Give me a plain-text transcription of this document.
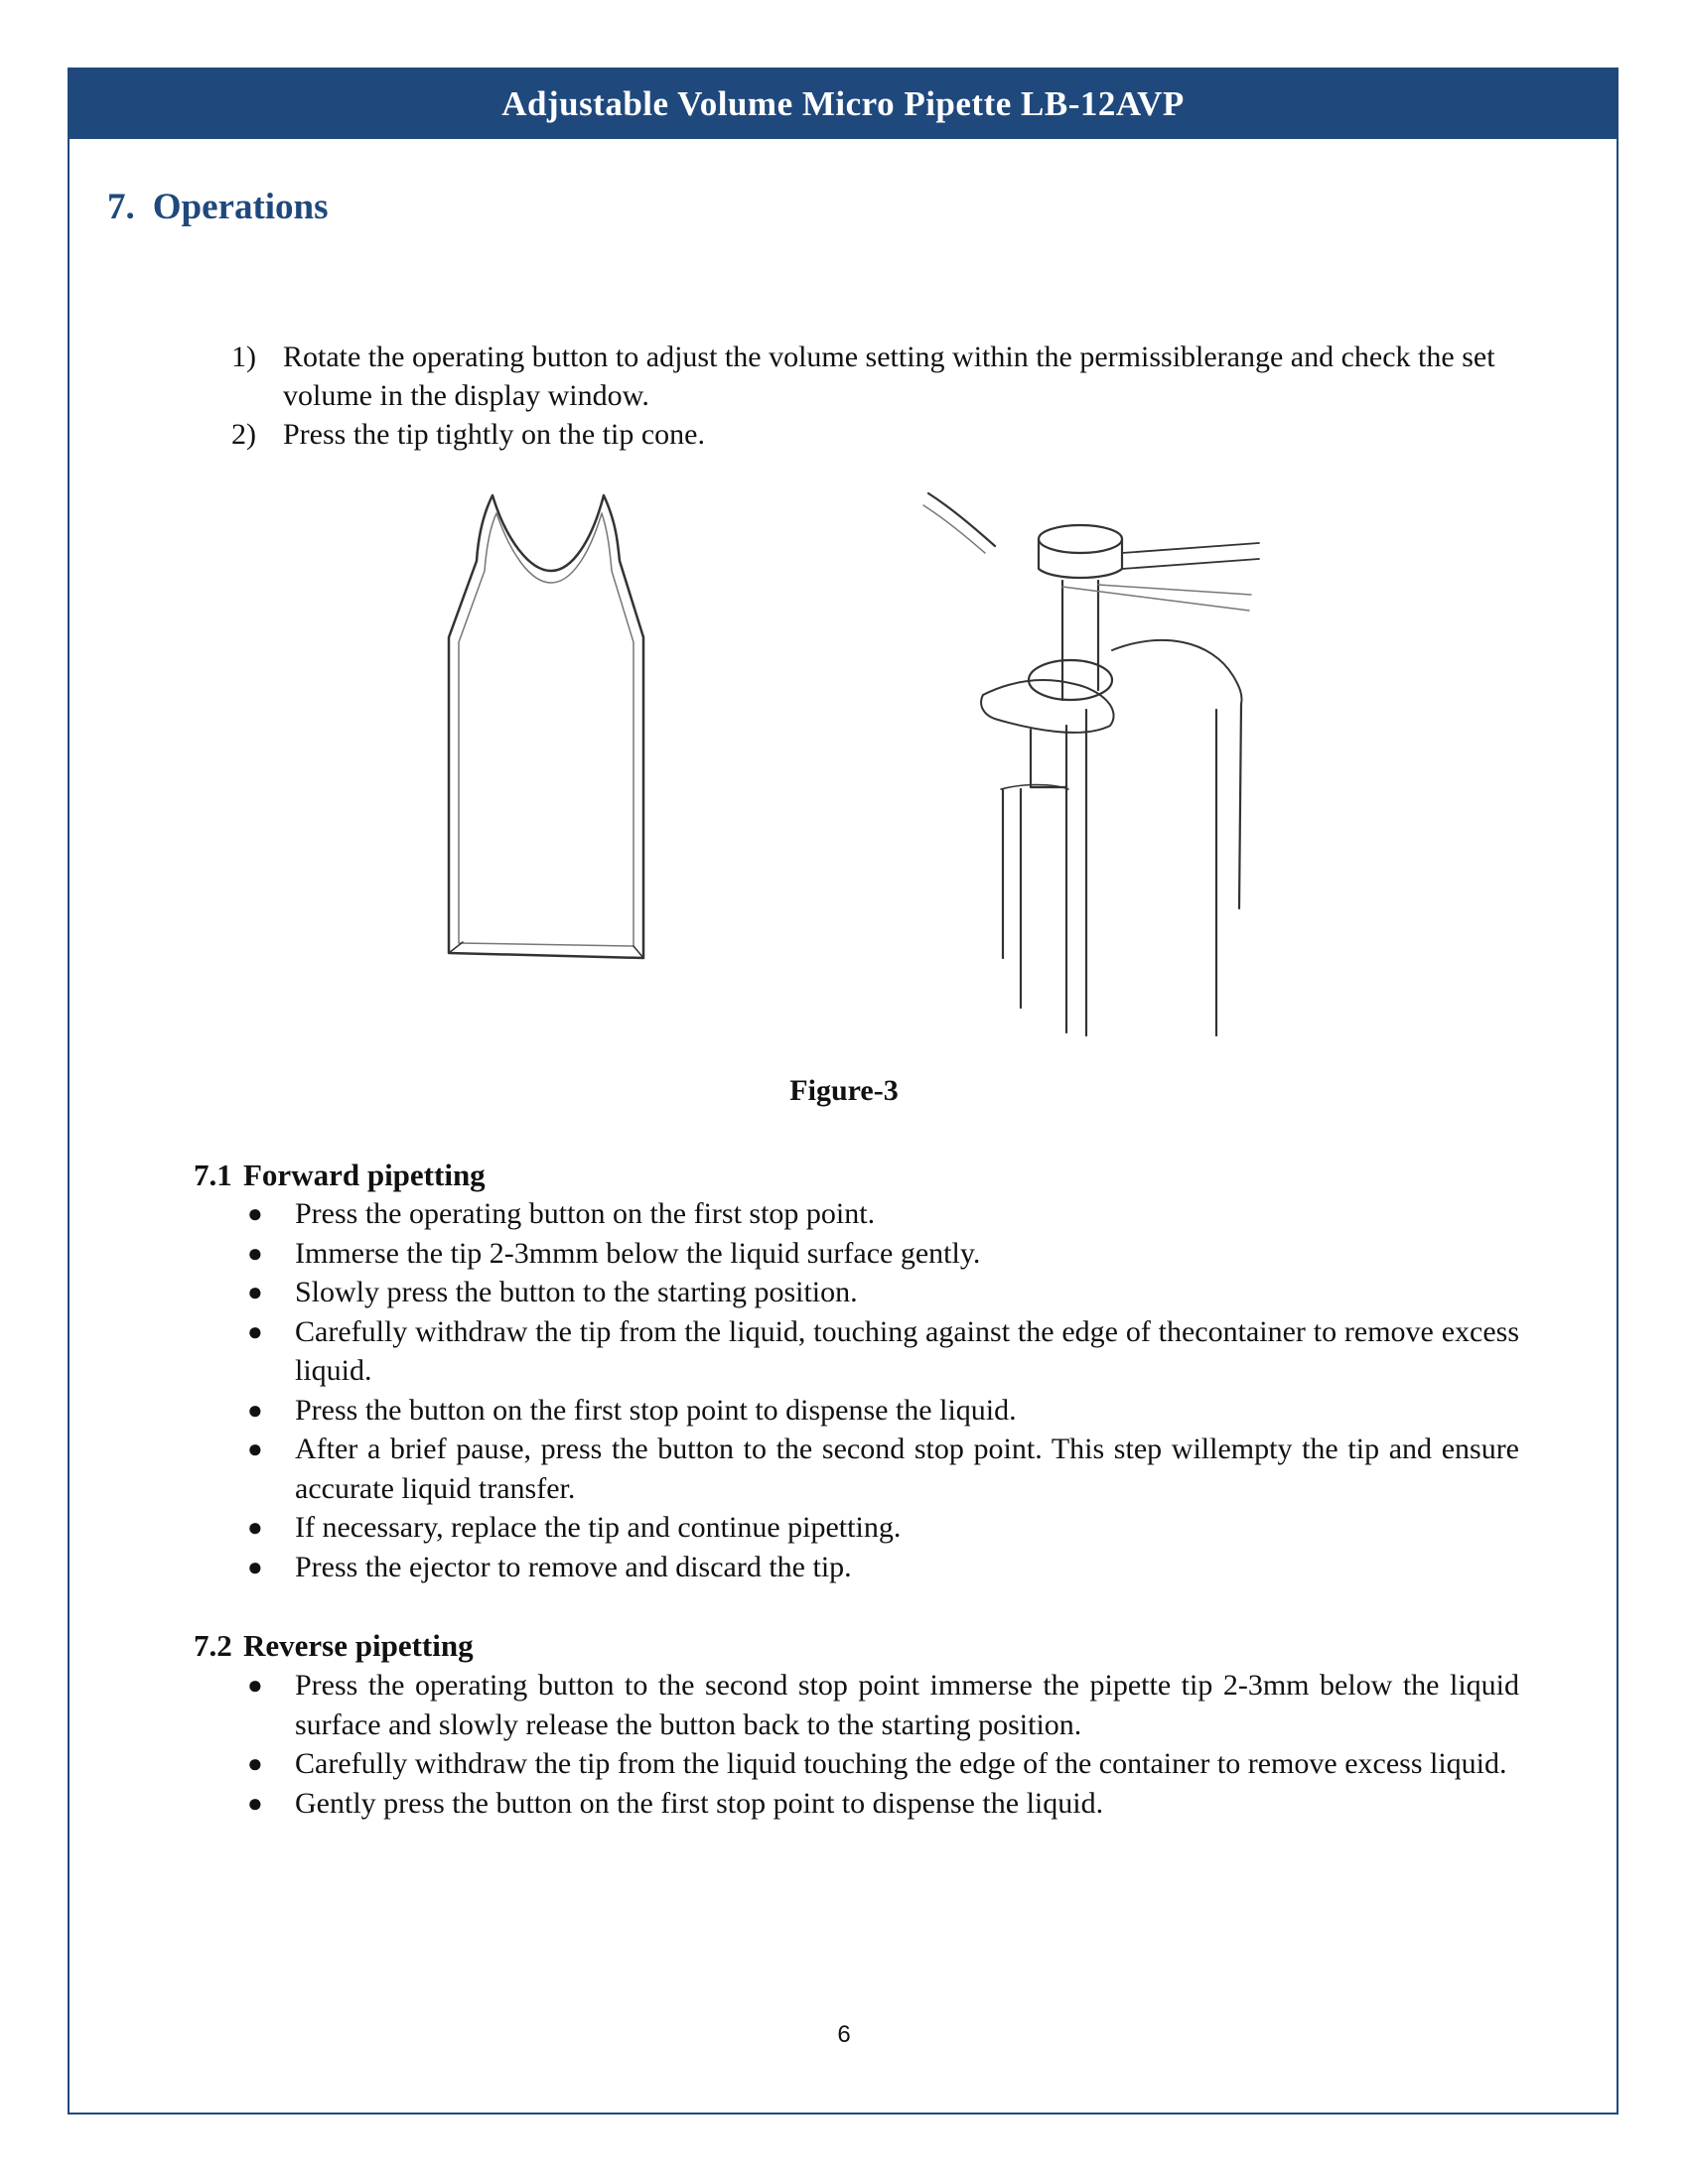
Adjustable Volume Micro Pipette LB-12AVP
7. Operations
1) Rotate the operating button to adjust the volume setting within the permissiblerange and check the set volume in the display window.
2) Press the tip tightly on the tip cone.
Figure-3
7.1 Forward pipetting
● Press the operating button on the first stop point.
● Immerse the tip 2-3mmm below the liquid surface gently.
● Slowly press the button to the starting position.
● Carefully withdraw the tip from the liquid, touching against the edge of thecontainer to remove excess liquid.
● Press the button on the first stop point to dispense the liquid.
● After a brief pause, press the button to the second stop point. This step willempty the tip and ensure accurate liquid transfer.
● If necessary, replace the tip and continue pipetting.
● Press the ejector to remove and discard the tip.
7.2 Reverse pipetting
● Press the operating button to the second stop point immerse the pipette tip 2-3mm below the liquid surface and slowly release the button back to the starting position.
● Carefully withdraw the tip from the liquid touching the edge of the container to remove excess liquid.
● Gently press the button on the first stop point to dispense the liquid.
6
